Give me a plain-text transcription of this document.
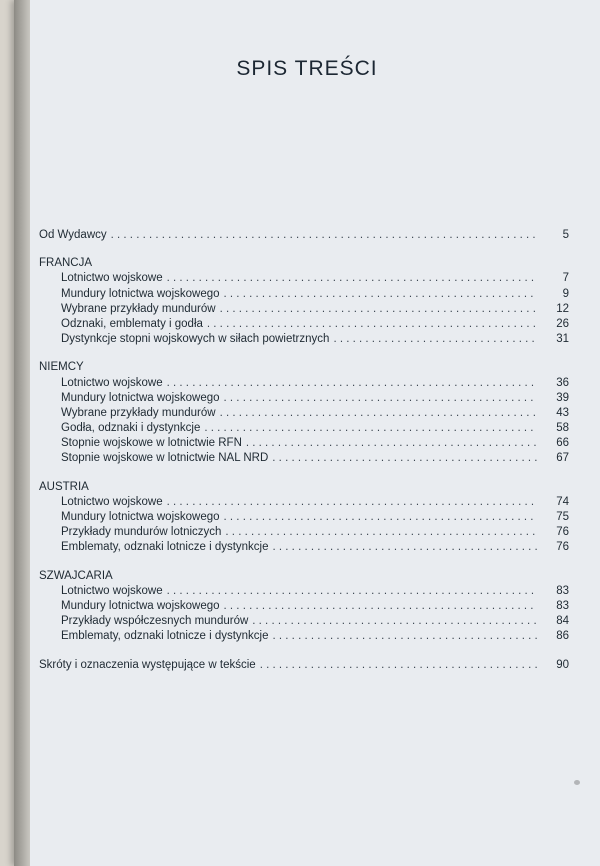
SPIS TREŚCI
Od Wydawcy . . .	5
FRANCJA
Lotnictwo wojskowe . . .	7
Mundury lotnictwa wojskowego . . .	9
Wybrane przykłady mundurów . . .	12
Odznaki, emblematy i godła . . .	26
Dystynkcje stopni wojskowych w siłach powietrznych . . .	31
NIEMCY
Lotnictwo wojskowe . . .	36
Mundury lotnictwa wojskowego . . .	39
Wybrane przykłady mundurów . . .	43
Godła, odznaki i dystynkcje . . .	58
Stopnie wojskowe w lotnictwie RFN . . .	66
Stopnie wojskowe w lotnictwie NAL NRD . . .	67
AUSTRIA
Lotnictwo wojskowe . . .	74
Mundury lotnictwa wojskowego . . .	75
Przykłady mundurów lotniczych . . .	76
Emblematy, odznaki lotnicze i dystynkcje . . .	76
SZWAJCARIA
Lotnictwo wojskowe . . .	83
Mundury lotnictwa wojskowego . . .	83
Przykłady współczesnych mundurów . . .	84
Emblematy, odznaki lotnicze i dystynkcje . . .	86
Skróty i oznaczenia występujące w tekście . . .	90
